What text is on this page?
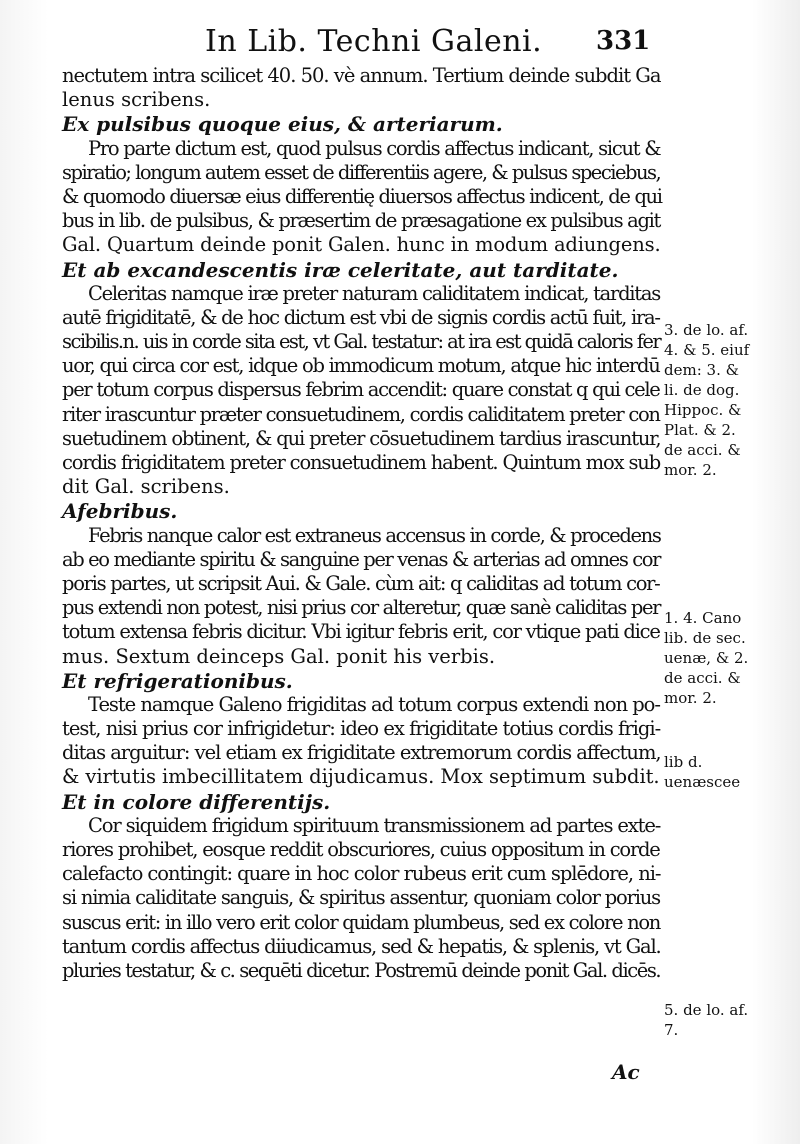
In Lib. Techni Galeni. 331
nectutem intra scilicet 40. 50. vè annum. Tertium deinde subdit Ga
lenus scribens.
Ex pulsibus quoque eius, & arteriarum.
Pro parte dictum est, quod pulsus cordis affectus indicant, sicut &
spiratio; longum autem esset de differentiis agere, & pulsus speciebus,
& quomodo diuersæ eius differentię diuersos affectus indicent, de qui
bus in lib. de pulsibus, & præsertim de præsagatione ex pulsibus agit
Gal. Quartum deinde ponit Galen. hunc in modum adiungens.
Et ab excandescentis iræ celeritate, aut tarditate.
Celeritas namque iræ preter naturam caliditatem indicat, tarditas
autē frigiditatē, & de hoc dictum est vbi de signis cordis actū fuit, ira-
scibilis.n. uis in corde sita est, vt Gal. testatur: at ira est quidā caloris fer
uor, qui circa cor est, idque ob immodicum motum, atque hic interdū
per totum corpus dispersus febrim accendit: quare constat q qui cele
riter irascuntur præter consuetudinem, cordis caliditatem preter con
suetudinem obtinent, & qui preter cōsuetudinem tardius irascuntur,
cordis frigiditatem preter consuetudinem habent. Quintum mox sub
dit Gal. scribens.
Afebribus.
Febris nanque calor est extraneus accensus in corde, & procedens
ab eo mediante spiritu & sanguine per venas & arterias ad omnes cor
poris partes, ut scripsit Aui. & Gale. cùm ait: q caliditas ad totum cor-
pus extendi non potest, nisi prius cor alteretur, quæ sanè caliditas per
totum extensa febris dicitur. Vbi igitur febris erit, cor vtique pati dice
mus. Sextum deinceps Gal. ponit his verbis.
Et refrigerationibus.
Teste namque Galeno frigiditas ad totum corpus extendi non po-
test, nisi prius cor infrigidetur: ideo ex frigiditate totius cordis frigi-
ditas arguitur: vel etiam ex frigiditate extremorum cordis affectum,
& virtutis imbecillitatem dijudicamus. Mox septimum subdit.
Et in colore differentijs.
Cor siquidem frigidum spirituum transmissionem ad partes exte-
riores prohibet, eosque reddit obscuriores, cuius oppositum in corde
calefacto contingit: quare in hoc color rubeus erit cum splēdore, ni-
si nimia caliditate sanguis, & spiritus assentur, quoniam color porius
suscus erit: in illo vero erit color quidam plumbeus, sed ex colore non
tantum cordis affectus diiudicamus, sed & hepatis, & splenis, vt Gal.
pluries testatur, & c. sequēti dicetur. Postremū deinde ponit Gal. dicēs.
3. de lo. af.
4. & 5. eiuf
dem: 3. &
li. de dog.
Hippoc. &
Plat. & 2.
de acci. &
mor. 2.
1. 4. Cano
lib. de sec.
uenæ, & 2.
de acci. &
mor. 2.
lib d.
uenæscee
5. de lo. af.
7.
Ac
